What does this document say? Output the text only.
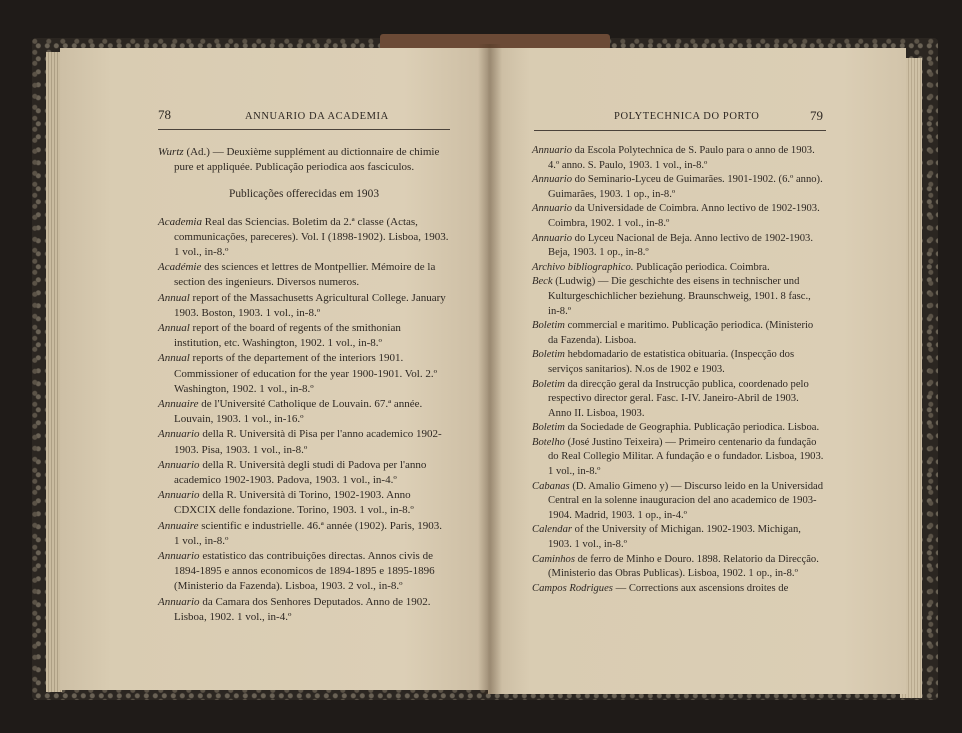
78	ANNUARIO DA ACADEMIA	POLYTECHNICA DO PORTO	79

Wurtz (Ad.) — Deuxième supplément au dictionnaire de chimie pure et appliquée. Publicação periodica aos fasciculos.

Publicações offerecidas em 1903

Academia Real das Sciencias. Boletim da 2.ª classe (Actas, communicações, pareceres). Vol. I (1898-1902). Lisboa, 1903. 1 vol., in-8.º

Académie des sciences et lettres de Montpellier. Mémoire de la section des ingenieurs. Diversos numeros.

Annual report of the Massachusetts Agricultural College. January 1903. Boston, 1903. 1 vol., in-8.º

Annual report of the board of regents of the smithonian institution, etc. Washington, 1902. 1 vol., in-8.º

Annual reports of the departement of the interiors 1901. Commissioner of education for the year 1900-1901. Vol. 2.º Washington, 1902. 1 vol., in-8.º

Annuaire de l'Université Catholique de Louvain. 67.ª année. Louvain, 1903. 1 vol., in-16.º

Annuario della R. Università di Pisa per l'anno academico 1902-1903. Pisa, 1903. 1 vol., in-8.º

Annuario della R. Università degli studi di Padova per l'anno academico 1902-1903. Padova, 1903. 1 vol., in-4.º

Annuario della R. Università di Torino, 1902-1903. Anno CDXCIX delle fondazione. Torino, 1903. 1 vol., in-8.º

Annuaire scientific e industrielle. 46.ª année (1902). Paris, 1903. 1 vol., in-8.º

Annuario estatistico das contribuições directas. Annos civis de 1894-1895 e annos economicos de 1894-1895 e 1895-1896 (Ministerio da Fazenda). Lisboa, 1903. 2 vol., in-8.º

Annuario da Camara dos Senhores Deputados. Anno de 1902. Lisboa, 1902. 1 vol., in-4.º

Annuario da Escola Polytechnica de S. Paulo para o anno de 1903. 4.º anno. S. Paulo, 1903. 1 vol., in-8.º

Annuario do Seminario-Lyceu de Guimarães. 1901-1902. (6.º anno). Guimarães, 1903. 1 op., in-8.º

Annuario da Universidade de Coimbra. Anno lectivo de 1902-1903. Coimbra, 1902. 1 vol., in-8.º

Annuario do Lyceu Nacional de Beja. Anno lectivo de 1902-1903. Beja, 1903. 1 op., in-8.º

Archivo bibliographico. Publicação periodica. Coimbra.

Beck (Ludwig) — Die geschichte des eisens in technischer und Kulturgeschichlicher beziehung. Braunschweig, 1901. 8 fasc., in-8.º

Boletim commercial e maritimo. Publicação periodica. (Ministerio da Fazenda). Lisboa.

Boletim hebdomadario de estatistica obituaria. (Inspecção dos serviços sanitarios). N.os de 1902 e 1903.

Boletim da direcção geral da Instrucção publica, coordenado pelo respectivo director geral. Fasc. I-IV. Janeiro-Abril de 1903. Anno II. Lisboa, 1903.

Boletim da Sociedade de Geographia. Publicação periodica. Lisboa.

Botelho (José Justino Teixeira) — Primeiro centenario da fundação do Real Collegio Militar. A fundação e o fundador. Lisboa, 1903. 1 vol., in-8.º

Cabanas (D. Amalio Gimeno y) — Discurso leido en la Universidad Central en la solenne inauguracion del ano academico de 1903-1904. Madrid, 1903. 1 op., in-4.º

Calendar of the University of Michigan. 1902-1903. Michigan, 1903. 1 vol., in-8.º

Caminhos de ferro de Minho e Douro. 1898. Relatorio da Direcção. (Ministerio das Obras Publicas). Lisboa, 1902. 1 op., in-8.º

Campos Rodrigues — Corrections aux ascensions droites de
